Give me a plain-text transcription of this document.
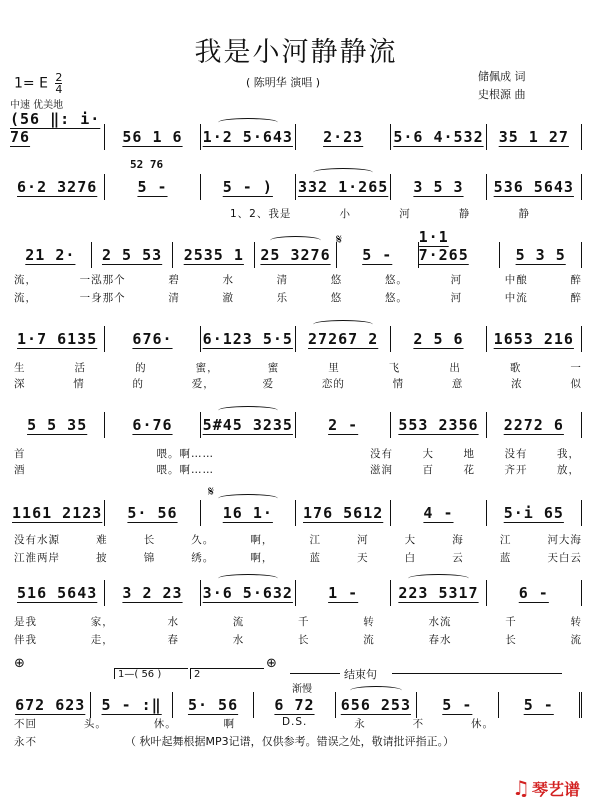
我是小河静静流
1= E $\frac{2}{4}$
中速 优美地
( 陈明华 演唱 )	储佩成 词
史根源 曲
(56 ‖: i· 76	56 1 6 1·2 5·643 2·23 5·6 4·532 35 1 27
52 76
6·2 3276	5 -	5 - ) 332 1·265 3 5 3 536 5643
1、2、我是	小	河	静	静
𝄋
21 2· 2 5 53 2535 1 25 3276 5 -
1·1 7·265	5 3 5
流，	一泓那个	碧	水	清	悠	悠。	河	中酿	醉
流，	一身那个	清	澈	乐	悠	悠。	河	中流	醉
1·7 6135 676· 6·123 5·5 27267 2 2 5 6 1653 216
生	活	的	蜜，	蜜	里	飞	出	歌	一
深	情	的	爱，	爱	恋的	情	意	浓	似
5 5 35	6·76 5#45 3235 2 -	553 2356 2272 6
首	喂。啊……	没有	大	地	没有	我，
酒	喂。啊……	滋润	百	花	齐开	放，
𝄋
1161 2123 5· 56	16 1· 176 5612	4 -	5·i 65
没有水源	难	长	久。	啊，	江	河	大	海	江	河大海
江淮两岸	披	锦	绣。	啊，	蓝	天	白	云	蓝	天白云
516 5643 3 2 23 3·6 5·632 1 -	223 5317	6 -
是我	家，	水	流	千	转	水流	千	转
伴我	走，	春	水	长	流	春水	长	流
⊕	⊕
1—( 56 )	2	结束句
渐慢
672 623 5 - :‖ 5· 56 6 72 656 253 5 -	5 -
不回	头。	休。	啊	D.S.	永	不	休。
永不	（ 秋叶起舞根据MP3记谱，仅供参考。错误之处，敬请批评指正。）
♫ 琴艺谱
